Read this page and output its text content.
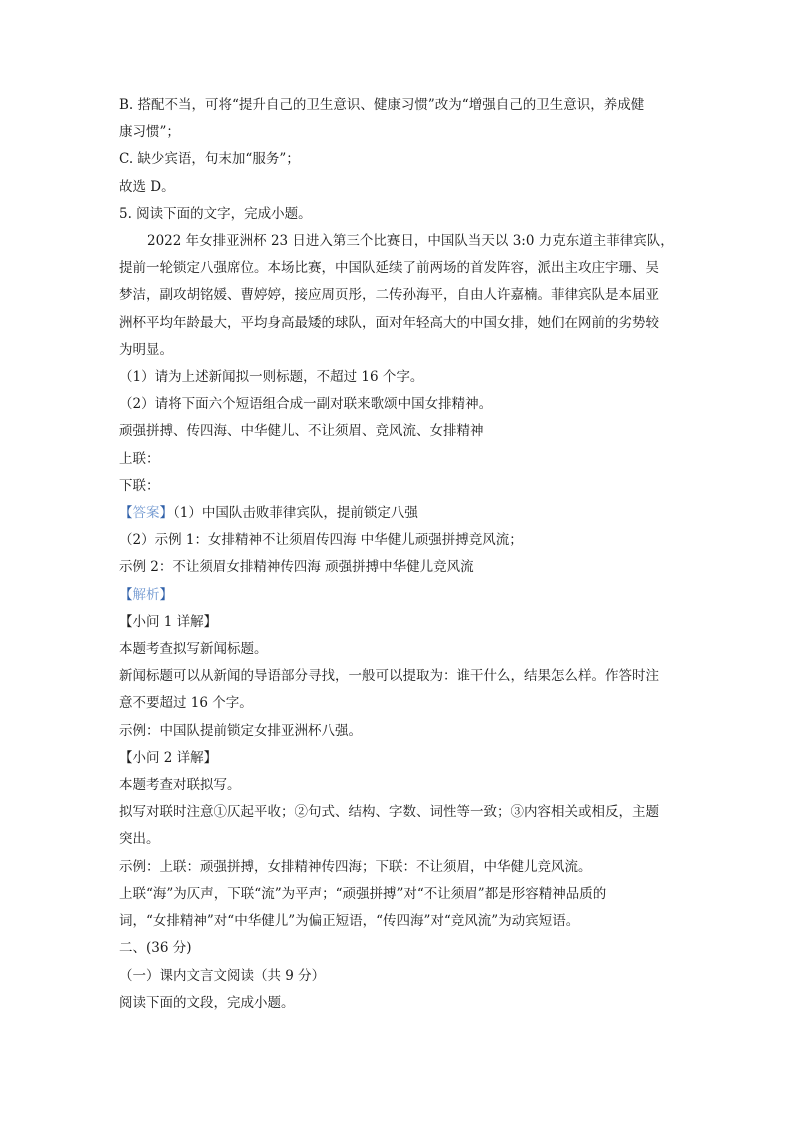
B. 搭配不当，可将“提升自己的卫生意识、健康习惯”改为“增强自己的卫生意识，养成健
康习惯”；
C. 缺少宾语，句末加“服务”；
故选 D。
5. 阅读下面的文字，完成小题。
2022 年女排亚洲杯 23 日进入第三个比赛日，中国队当天以 3:0 力克东道主菲律宾队，
提前一轮锁定八强席位。本场比赛，中国队延续了前两场的首发阵容，派出主攻庄宇珊、吴
梦洁，副攻胡铭媛、曹婷婷，接应周页彤，二传孙海平，自由人许嘉楠。菲律宾队是本届亚
洲杯平均年龄最大，平均身高最矮的球队，面对年轻高大的中国女排，她们在网前的劣势较
为明显。
（1）请为上述新闻拟一则标题，不超过 16 个字。
（2）请将下面六个短语组合成一副对联来歌颂中国女排精神。
顽强拼搏、传四海、中华健儿、不让须眉、竞风流、女排精神
上联：
下联：
【答案】（1）中国队击败菲律宾队，提前锁定八强
（2）示例 1：女排精神不让须眉传四海 中华健儿顽强拼搏竞风流；
示例 2：不让须眉女排精神传四海 顽强拼搏中华健儿竞风流
【解析】
【小问 1 详解】
本题考查拟写新闻标题。
新闻标题可以从新闻的导语部分寻找，一般可以提取为：谁干什么，结果怎么样。作答时注
意不要超过 16 个字。
示例：中国队提前锁定女排亚洲杯八强。
【小问 2 详解】
本题考查对联拟写。
拟写对联时注意①仄起平收；②句式、结构、字数、词性等一致；③内容相关或相反，主题
突出。
示例：上联：顽强拼搏，女排精神传四海；下联：不让须眉，中华健儿竞风流。
上联“海”为仄声，下联“流”为平声；“顽强拼搏”对“不让须眉”都是形容精神品质的
词，“女排精神”对“中华健儿”为偏正短语，“传四海”对“竞风流”为动宾短语。
二、(36 分)
（一）课内文言文阅读（共 9 分）
阅读下面的文段，完成小题。
